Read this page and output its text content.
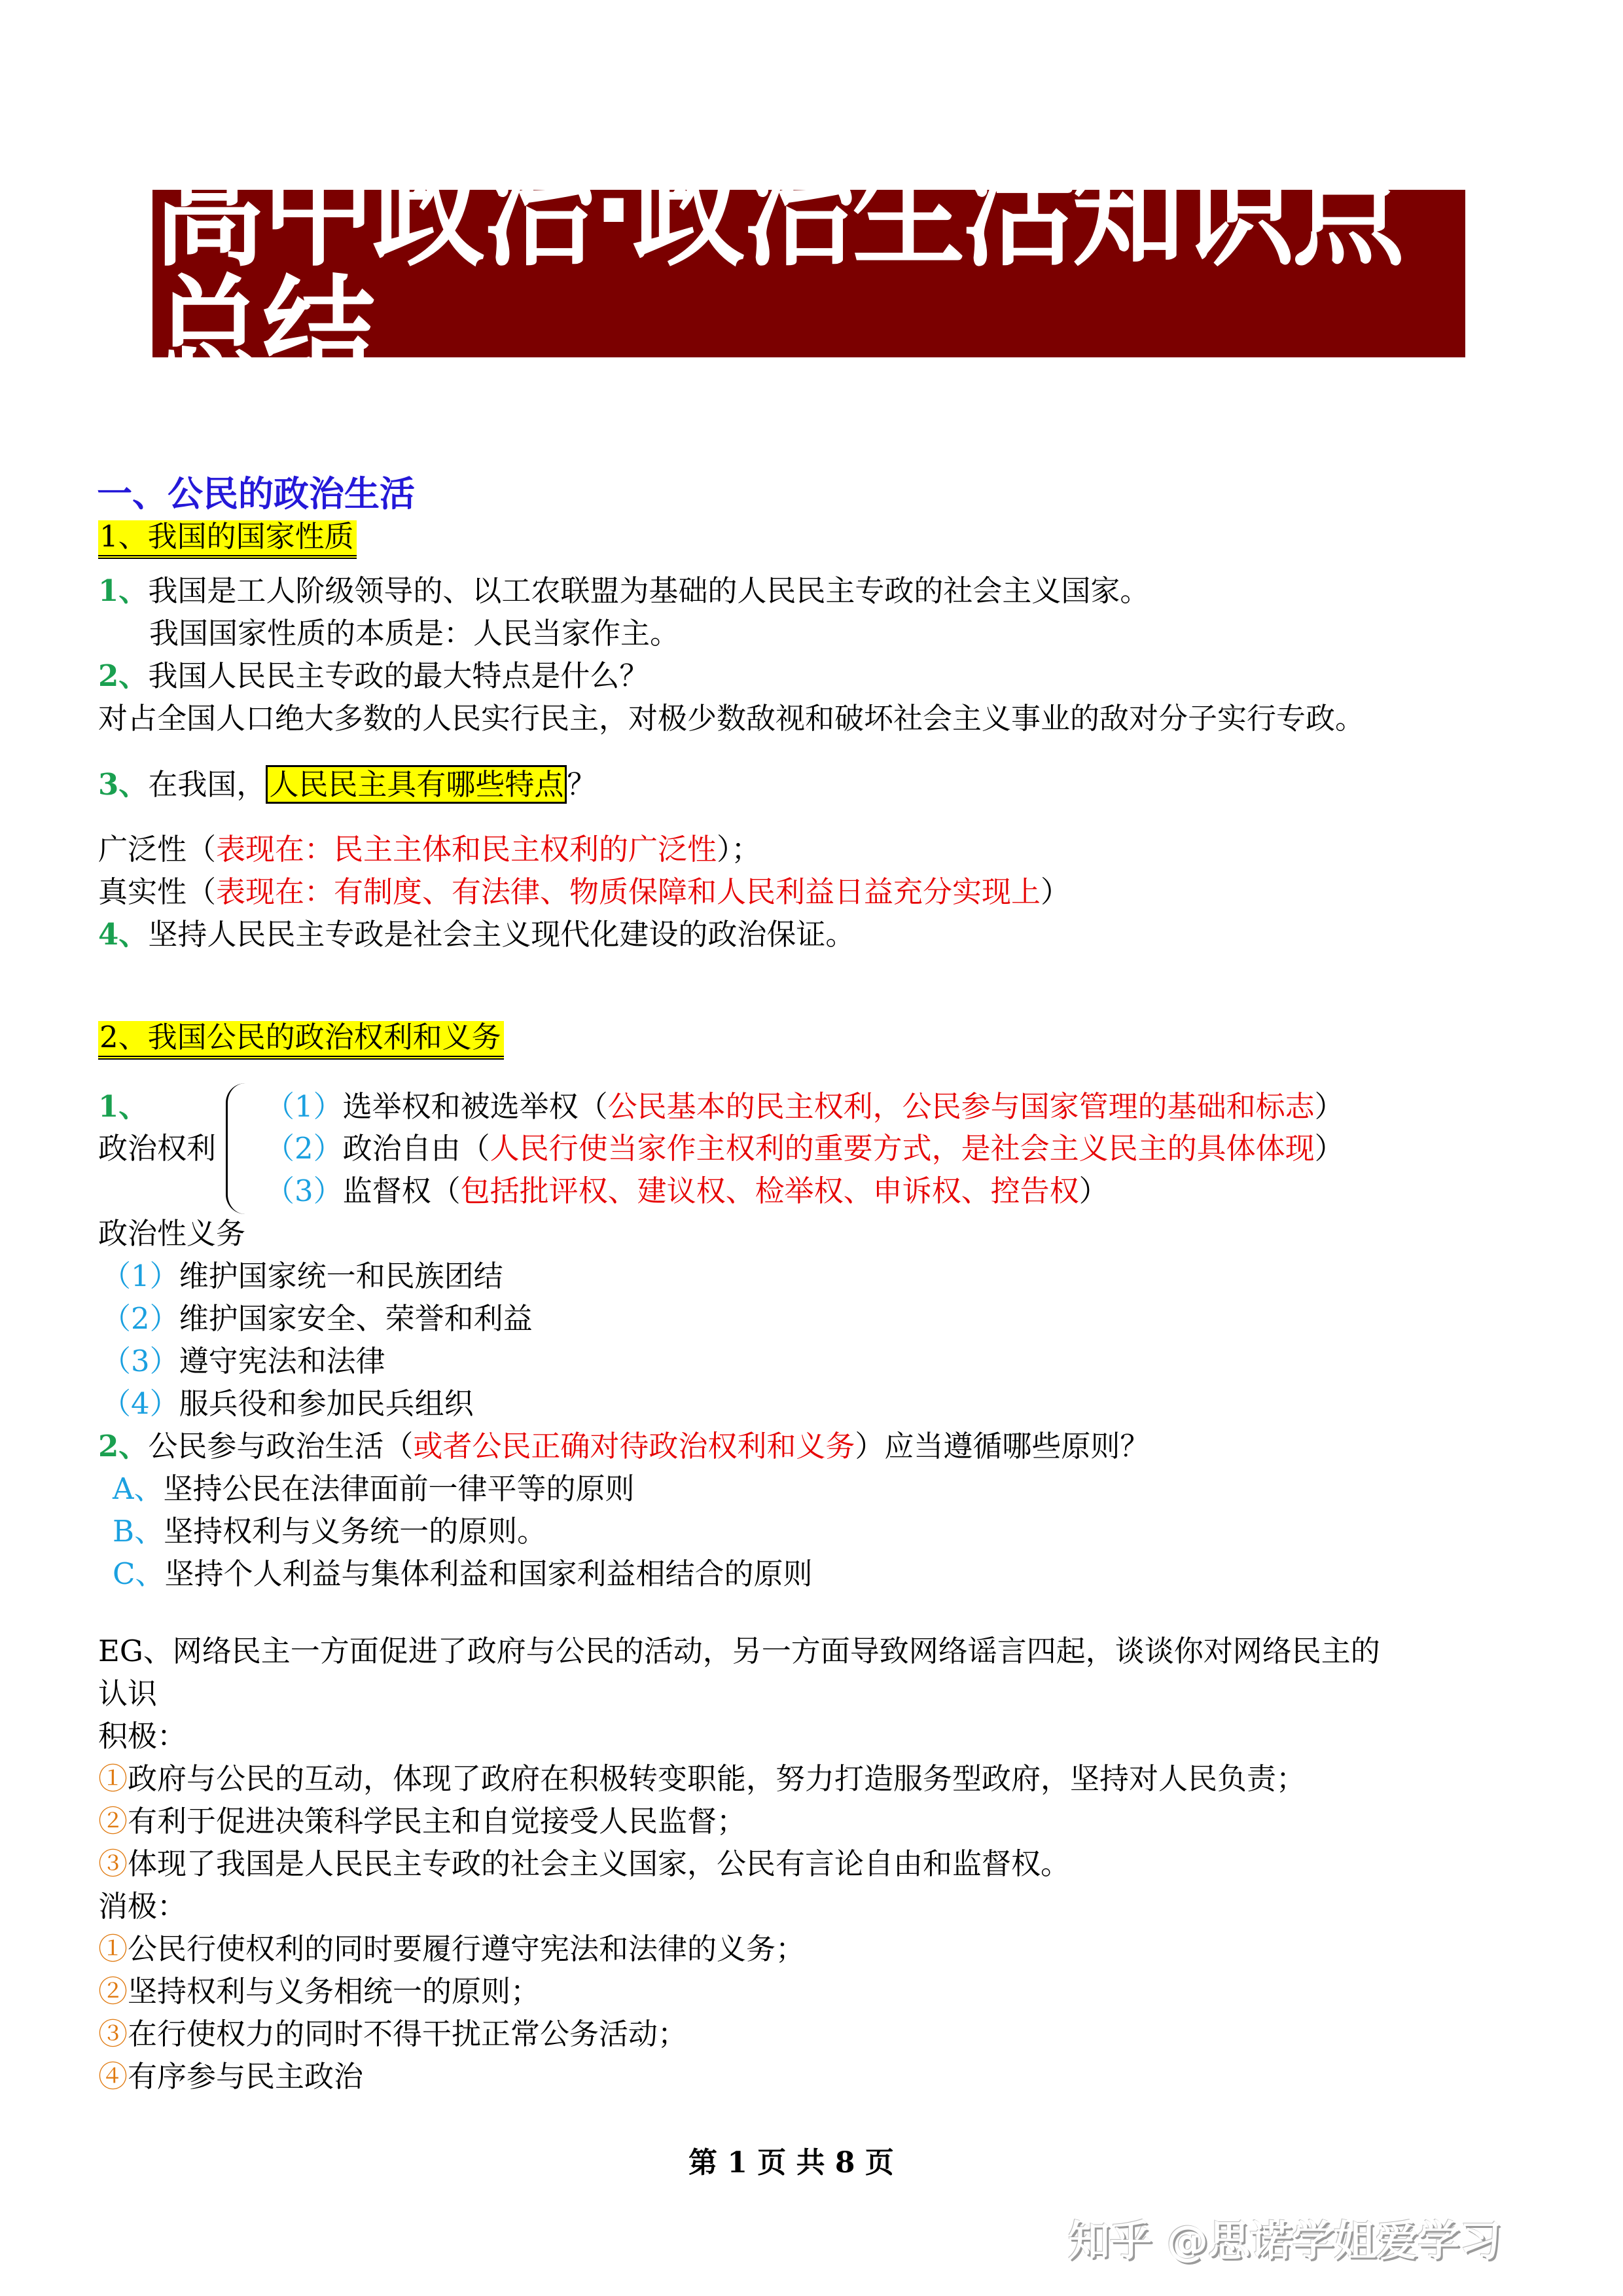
高中政治·政治生活知识点总结
一、公民的政治生活
1、我国的国家性质
1、我国是工人阶级领导的、以工农联盟为基础的人民民主专政的社会主义国家。
我国国家性质的本质是：人民当家作主。
2、我国人民民主专政的最大特点是什么？
对占全国人口绝大多数的人民实行民主，对极少数敌视和破坏社会主义事业的敌对分子实行专政。
3、在我国， 人民民主具有哪些特点 ？
广泛性（表现在：民主主体和民主权利的广泛性）；
真实性（表现在：有制度、有法律、物质保障和人民利益日益充分实现上）
4、坚持人民民主专政是社会主义现代化建设的政治保证。
2、我国公民的政治权利和义务
1、
政治权利
（1）选举权和被选举权（公民基本的民主权利，公民参与国家管理的基础和标志）
（2）政治自由（人民行使当家作主权利的重要方式，是社会主义民主的具体体现）
（3）监督权（包括批评权、建议权、检举权、申诉权、控告权）
政治性义务
（1）维护国家统一和民族团结
（2）维护国家安全、荣誉和利益
（3）遵守宪法和法律
（4）服兵役和参加民兵组织
2、公民参与政治生活（或者公民正确对待政治权利和义务）应当遵循哪些原则？
A、坚持公民在法律面前一律平等的原则
B、坚持权利与义务统一的原则。
C、坚持个人利益与集体利益和国家利益相结合的原则
EG、网络民主一方面促进了政府与公民的活动，另一方面导致网络谣言四起，谈谈你对网络民主的
认识
积极：
①政府与公民的互动，体现了政府在积极转变职能，努力打造服务型政府，坚持对人民负责；
②有利于促进决策科学民主和自觉接受人民监督；
③体现了我国是人民民主专政的社会主义国家，公民有言论自由和监督权。
消极：
①公民行使权利的同时要履行遵守宪法和法律的义务；
②坚持权利与义务相统一的原则；
③在行使权力的同时不得干扰正常公务活动；
④有序参与民主政治
第 1 页 共 8 页
知乎 @思诺学姐爱学习
